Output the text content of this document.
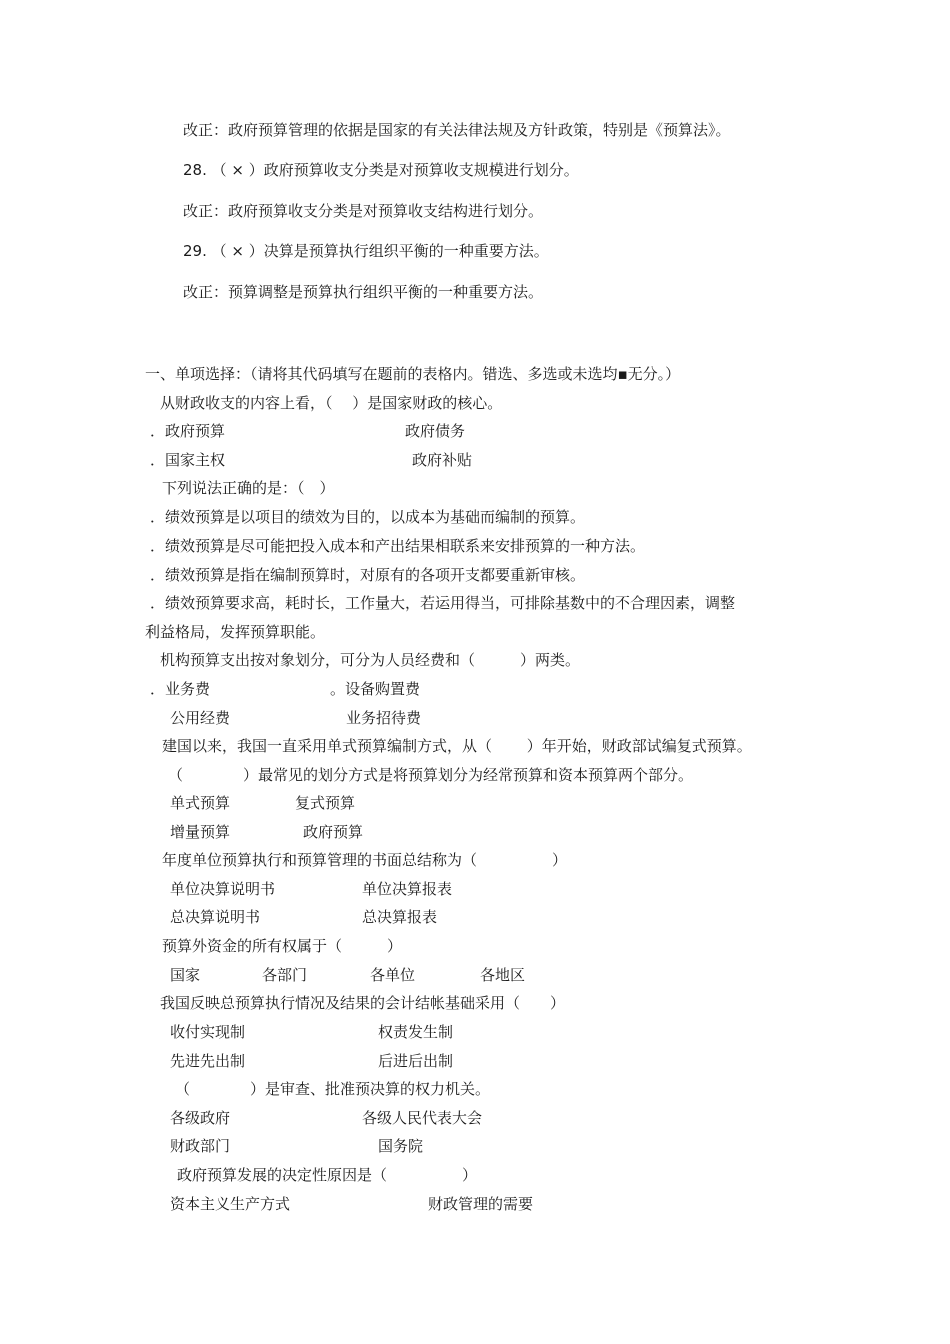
改正：政府预算管理的依据是国家的有关法律法规及方针政策，特别是《预算法》。
28. （ × ）政府预算收支分类是对预算收支规模进行划分。
改正：政府预算收支分类是对预算收支结构进行划分。
29. （ × ）决算是预算执行组织平衡的一种重要方法。
改正：预算调整是预算执行组织平衡的一种重要方法。
一、单项选择：（请将其代码填写在题前的表格内。错选、多选或未选均▪无分。）
从财政收支的内容上看，（　 ）是国家财政的核心。
．政府预算	政府债务
．国家主权	政府补贴
下列说法正确的是：（　）
．绩效预算是以项目的绩效为目的，以成本为基础而编制的预算。
．绩效预算是尽可能把投入成本和产出结果相联系来安排预算的一种方法。
．绩效预算是指在编制预算时，对原有的各项开支都要重新审核。
．绩效预算要求高，耗时长，工作量大，若运用得当，可排除基数中的不合理因素，调整
利益格局，发挥预算职能。
机构预算支出按对象划分，可分为人员经费和（　　　）两类。
．业务费	。设备购置费
公用经费	业务招待费
建国以来，我国一直采用单式预算编制方式，从（　　 ）年开始，财政部试编复式预算。
（　　　　）最常见的划分方式是将预算划分为经常预算和资本预算两个部分。
单式预算	复式预算
增量预算	政府预算
年度单位预算执行和预算管理的书面总结称为（　　　　　）
单位决算说明书	单位决算报表
总决算说明书	总决算报表
预算外资金的所有权属于（　　　）
国家	各部门	各单位	各地区
我国反映总预算执行情况及结果的会计结帐基础采用（　　）
收付实现制	权责发生制
先进先出制	后进后出制
（　　　　）是审查、批准预决算的权力机关。
各级政府	各级人民代表大会
财政部门	国务院
政府预算发展的决定性原因是（　　　　　）
资本主义生产方式	财政管理的需要
